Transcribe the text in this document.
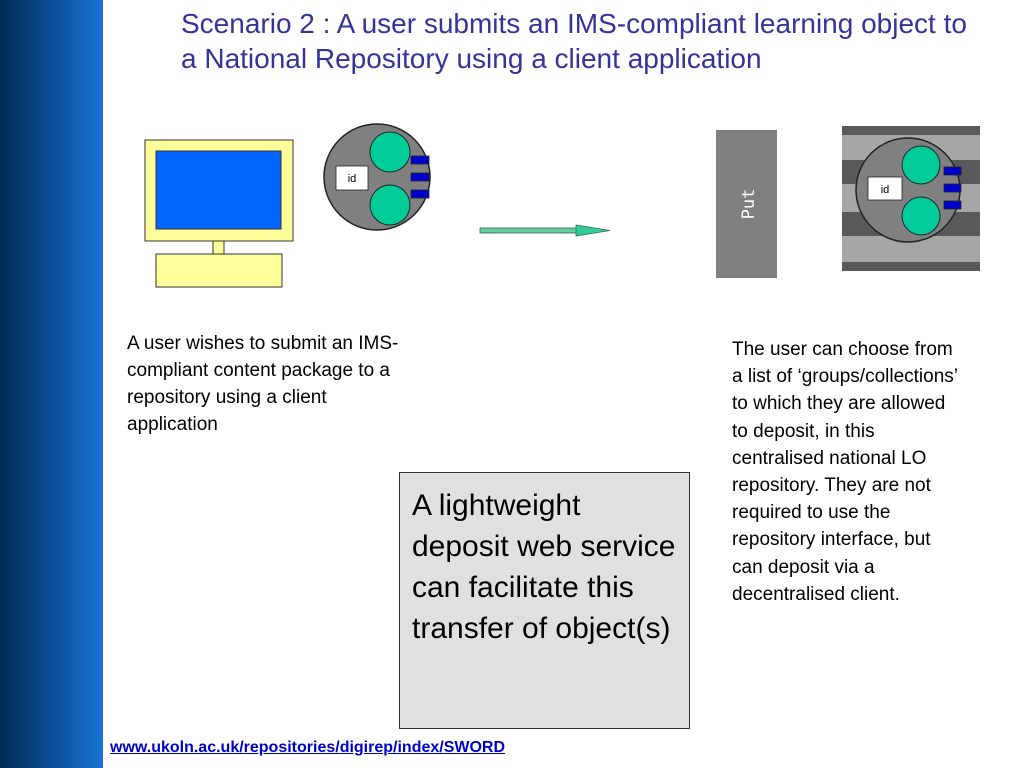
Scenario 2 : A user submits an IMS-compliant learning object to a National Repository using a client application
id
Put	id
A user wishes to submit an IMS-compliant content package to a repository using a client application
The user can choose from a list of ‘groups/collections’ to which they are allowed to deposit, in this centralised national LO repository. They are not required to use the repository interface, but can deposit via a decentralised client.
A lightweight deposit web service can facilitate this transfer of object(s)
www.ukoln.ac.uk/repositories/digirep/index/SWORD
